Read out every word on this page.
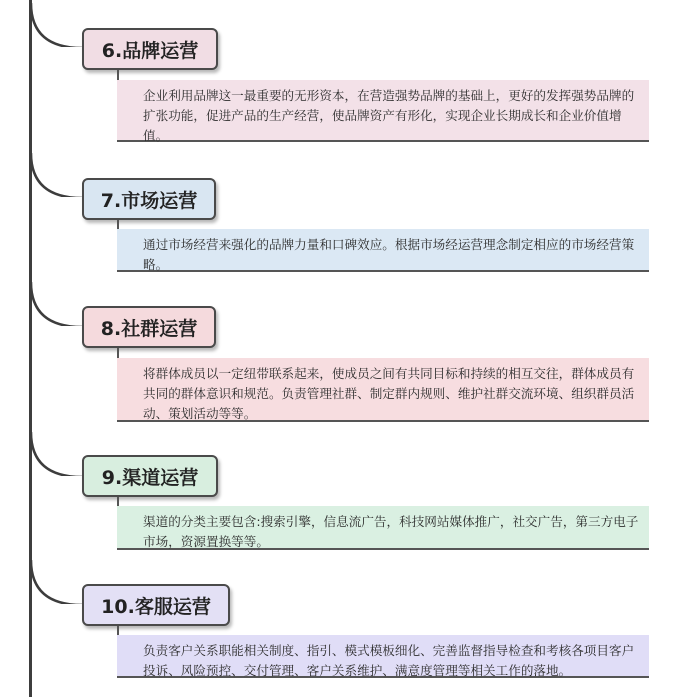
6.品牌运营
企业利用品牌这一最重要的无形资本，在营造强势品牌的基础上，更好的发挥强势品牌的扩张功能，促进产品的生产经营，使品牌资产有形化，实现企业长期成长和企业价值增值。
7.市场运营
通过市场经营来强化的品牌力量和口碑效应。根据市场经运营理念制定相应的市场经营策略。
8.社群运营
将群体成员以一定纽带联系起来，使成员之间有共同目标和持续的相互交往，群体成员有共同的群体意识和规范。负责管理社群、制定群内规则、维护社群交流环境、组织群员活动、策划活动等等。
9.渠道运营
渠道的分类主要包含:搜索引擎，信息流广告，科技网站媒体推广，社交广告，第三方电子市场，资源置换等等。
10.客服运营
负责客户关系职能相关制度、指引、模式模板细化、完善监督指导检查和考核各项目客户投诉、风险预控、交付管理、客户关系维护、满意度管理等相关工作的落地。
